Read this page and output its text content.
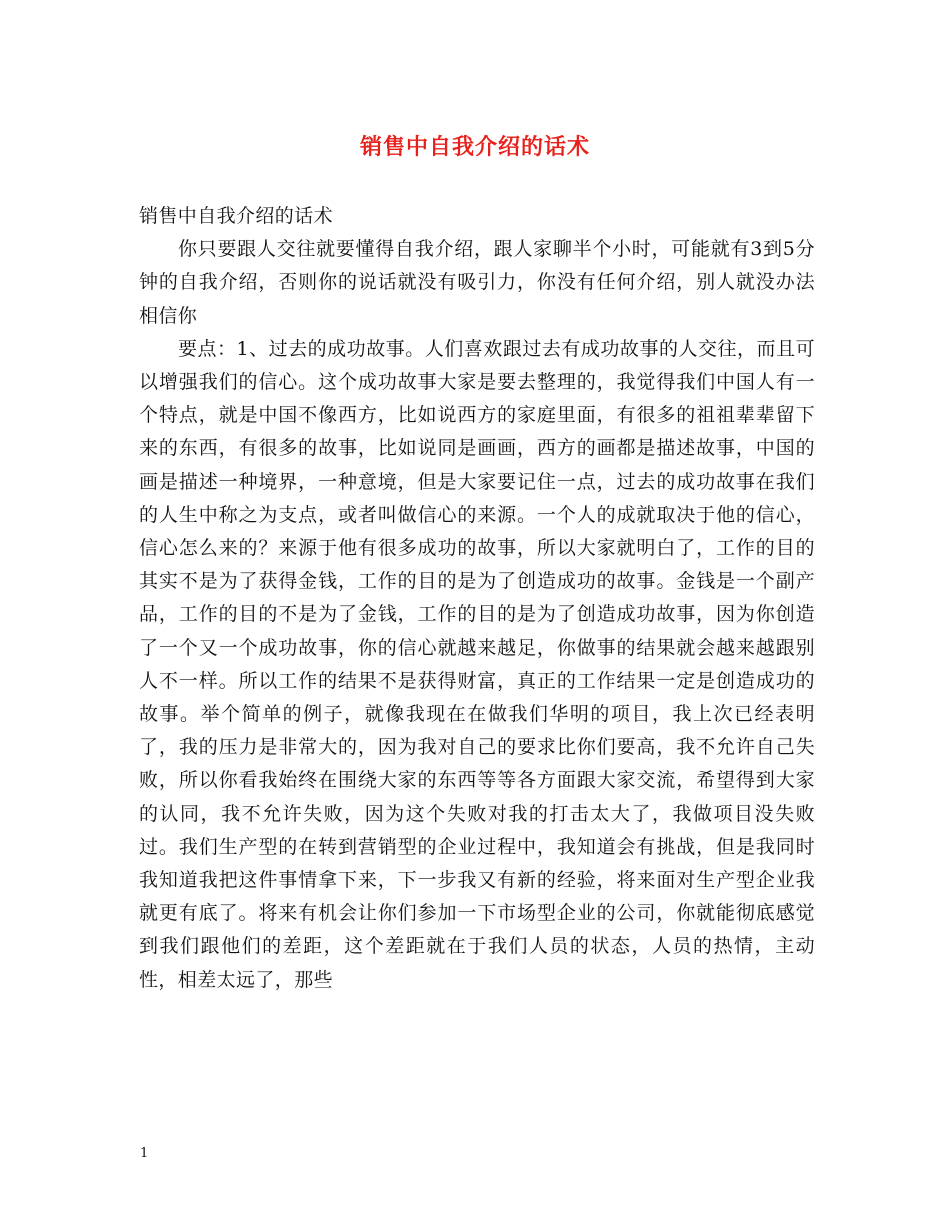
销售中自我介绍的话术

销售中自我介绍的话术

你只要跟人交往就要懂得自我介绍，跟人家聊半个小时，可能就有3到5分钟的自我介绍，否则你的说话就没有吸引力，你没有任何介绍，别人就没办法相信你

要点：1、过去的成功故事。人们喜欢跟过去有成功故事的人交往，而且可以增强我们的信心。这个成功故事大家是要去整理的，我觉得我们中国人有一个特点，就是中国不像西方，比如说西方的家庭里面，有很多的祖祖辈辈留下来的东西，有很多的故事，比如说同是画画，西方的画都是描述故事，中国的画是描述一种境界，一种意境，但是大家要记住一点，过去的成功故事在我们的人生中称之为支点，或者叫做信心的来源。一个人的成就取决于他的信心，信心怎么来的？来源于他有很多成功的故事，所以大家就明白了，工作的目的其实不是为了获得金钱，工作的目的是为了创造成功的故事。金钱是一个副产品，工作的目的不是为了金钱，工作的目的是为了创造成功故事，因为你创造了一个又一个成功故事，你的信心就越来越足，你做事的结果就会越来越跟别人不一样。所以工作的结果不是获得财富，真正的工作结果一定是创造成功的故事。举个简单的例子，就像我现在在做我们华明的项目，我上次已经表明了，我的压力是非常大的，因为我对自己的要求比你们要高，我不允许自己失败，所以你看我始终在围绕大家的东西等等各方面跟大家交流，希望得到大家的认同，我不允许失败，因为这个失败对我的打击太大了，我做项目没失败过。我们生产型的在转到营销型的企业过程中，我知道会有挑战，但是我同时我知道我把这件事情拿下来，下一步我又有新的经验，将来面对生产型企业我就更有底了。将来有机会让你们参加一下市场型企业的公司，你就能彻底感觉到我们跟他们的差距，这个差距就在于我们人员的状态，人员的热情，主动性，相差太远了，那些

1
